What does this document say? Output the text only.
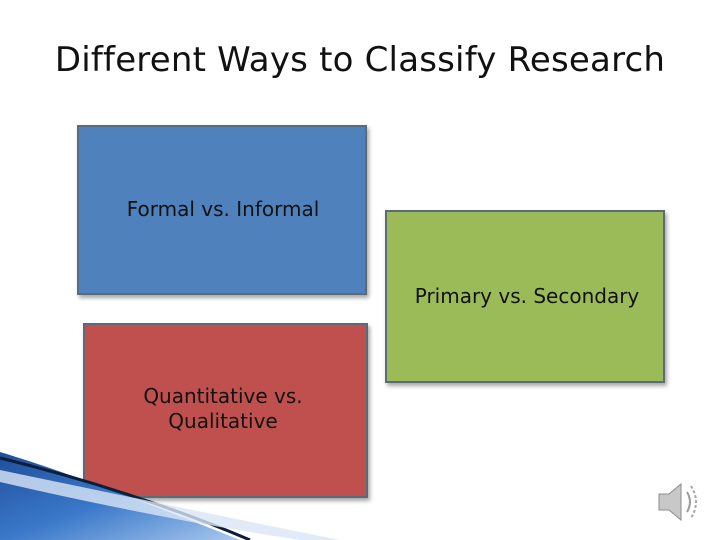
Different Ways to Classify Research
Formal vs. Informal
Primary vs. Secondary
Quantitative vs. Qualitative
